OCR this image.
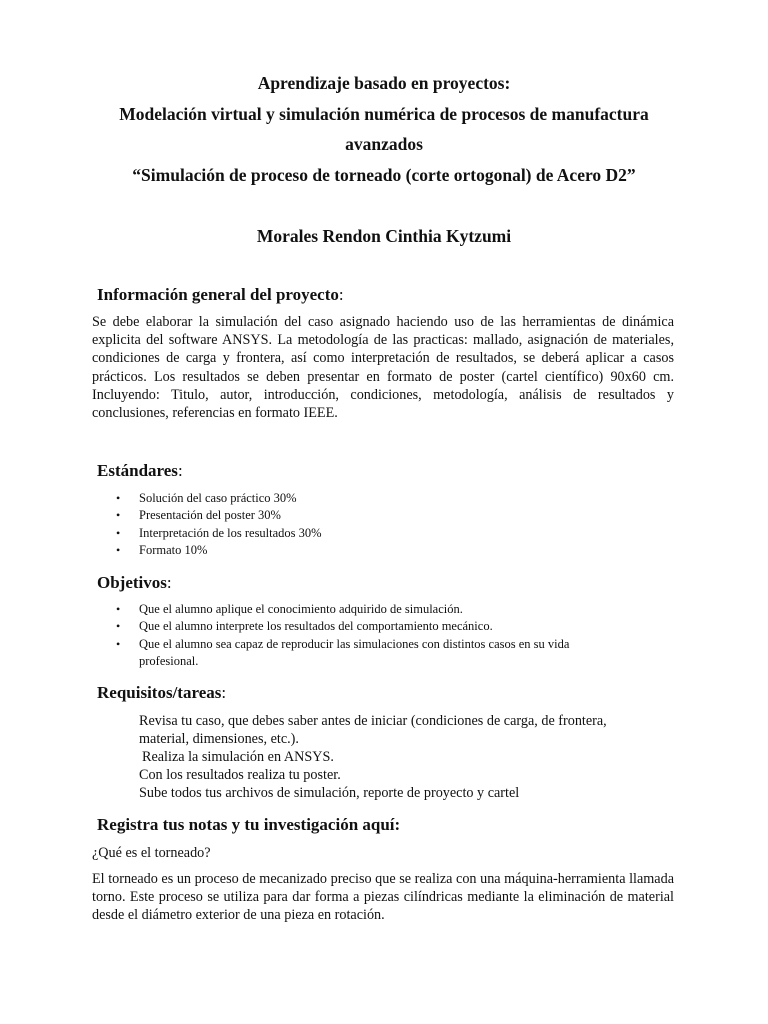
Aprendizaje basado en proyectos:
Modelación virtual y simulación numérica de procesos de manufactura
avanzados
“Simulación de proceso de torneado (corte ortogonal) de Acero D2”
Morales Rendon Cinthia Kytzumi
Información general del proyecto:

Se debe elaborar la simulación del caso asignado haciendo uso de las herramientas de dinámica explicita del software ANSYS. La metodología de las practicas: mallado, asignación de materiales, condiciones de carga y frontera, así como interpretación de resultados, se deberá aplicar a casos prácticos. Los resultados se deben presentar en formato de poster (cartel científico) 90x60 cm. Incluyendo: Titulo, autor, introducción, condiciones, metodología, análisis de resultados y conclusiones, referencias en formato IEEE.

Estándares:
• Solución del caso práctico 30%
• Presentación del poster 30%
• Interpretación de los resultados 30%
• Formato 10%
Objetivos:
• Que el alumno aplique el conocimiento adquirido de simulación.
• Que el alumno interprete los resultados del comportamiento mecánico.
• Que el alumno sea capaz de reproducir las simulaciones con distintos casos en su vida profesional.
Requisitos/tareas:
Revisa tu caso, que debes saber antes de iniciar (condiciones de carga, de frontera, material, dimensiones, etc.).
Realiza la simulación en ANSYS.
Con los resultados realiza tu poster.
Sube todos tus archivos de simulación, reporte de proyecto y cartel
Registra tus notas y tu investigación aquí:

¿Qué es el torneado?

El torneado es un proceso de mecanizado preciso que se realiza con una máquina-herramienta llamada torno. Este proceso se utiliza para dar forma a piezas cilíndricas mediante la eliminación de material desde el diámetro exterior de una pieza en rotación.
